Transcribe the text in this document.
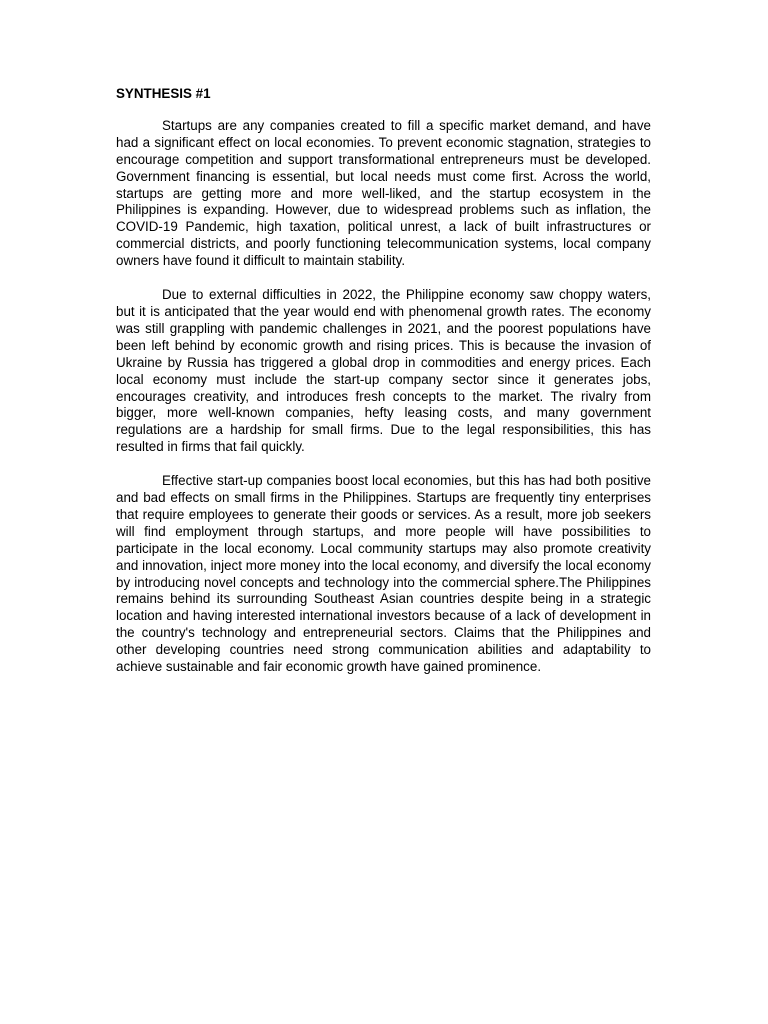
SYNTHESIS #1

Startups are any companies created to fill a specific market demand, and have had a significant effect on local economies. To prevent economic stagnation, strategies to encourage competition and support transformational entrepreneurs must be developed. Government financing is essential, but local needs must come first. Across the world, startups are getting more and more well-liked, and the startup ecosystem in the Philippines is expanding. However, due to widespread problems such as inflation, the COVID-19 Pandemic, high taxation, political unrest, a lack of built infrastructures or commercial districts, and poorly functioning telecommunication systems, local company owners have found it difficult to maintain stability.

Due to external difficulties in 2022, the Philippine economy saw choppy waters, but it is anticipated that the year would end with phenomenal growth rates. The economy was still grappling with pandemic challenges in 2021, and the poorest populations have been left behind by economic growth and rising prices. This is because the invasion of Ukraine by Russia has triggered a global drop in commodities and energy prices. Each local economy must include the start-up company sector since it generates jobs, encourages creativity, and introduces fresh concepts to the market. The rivalry from bigger, more well-known companies, hefty leasing costs, and many government regulations are a hardship for small firms. Due to the legal responsibilities, this has resulted in firms that fail quickly.

Effective start-up companies boost local economies, but this has had both positive and bad effects on small firms in the Philippines. Startups are frequently tiny enterprises that require employees to generate their goods or services. As a result, more job seekers will find employment through startups, and more people will have possibilities to participate in the local economy. Local community startups may also promote creativity and innovation, inject more money into the local economy, and diversify the local economy by introducing novel concepts and technology into the commercial sphere.The Philippines remains behind its surrounding Southeast Asian countries despite being in a strategic location and having interested international investors because of a lack of development in the country's technology and entrepreneurial sectors. Claims that the Philippines and other developing countries need strong communication abilities and adaptability to achieve sustainable and fair economic growth have gained prominence.
